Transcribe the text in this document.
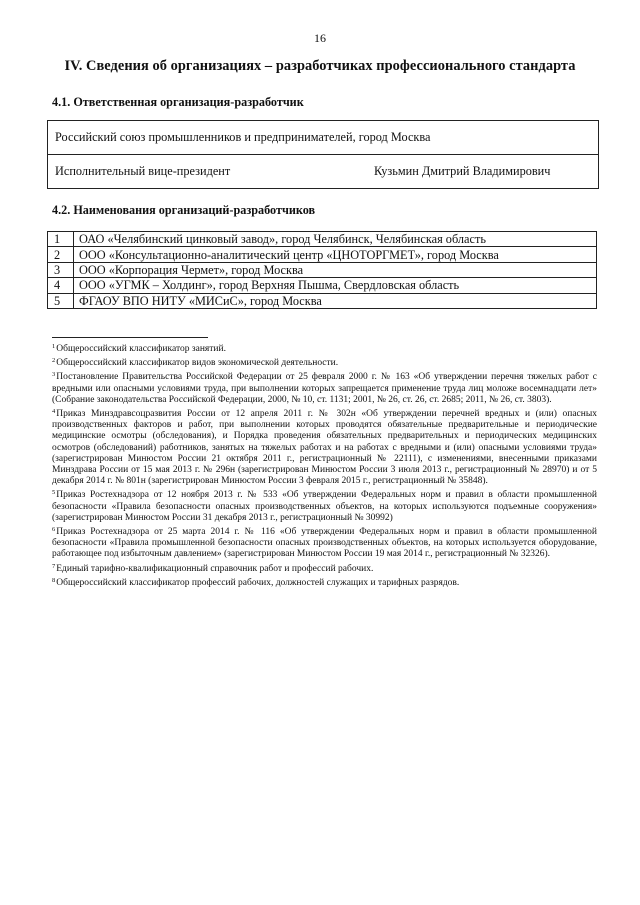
16
IV. Сведения об организациях – разработчиках профессионального стандарта
4.1. Ответственная организация-разработчик
Российский союз промышленников и предпринимателей, город Москва
Исполнительный вице-президент	Кузьмин Дмитрий Владимирович
4.2. Наименования организаций-разработчиков
1	ОАО «Челябинский цинковый завод», город Челябинск, Челябинская область
2	ООО «Консультационно-аналитический центр «ЦНОТОРГМЕТ», город Москва
3	ООО «Корпорация Чермет», город Москва
4	ООО «УГМК – Холдинг», город Верхняя Пышма, Свердловская область
5	ФГАОУ ВПО НИТУ «МИСиС», город Москва

$^1$Общероссийский классификатор занятий.

$^2$Общероссийский классификатор видов экономической деятельности.

$^3$Постановление Правительства Российской Федерации от 25 февраля 2000 г. № 163 «Об утверждении перечня тяжелых работ с вредными или опасными условиями труда, при выполнении которых запрещается применение труда лиц моложе восемнадцати лет» (Собрание законодательства Российской Федерации, 2000, № 10, ст. 1131; 2001, № 26, ст. 26, ст. 2685; 2011, № 26, ст. 3803).

$^4$Приказ Минздравсоцразвития России от 12 апреля 2011 г. № 302н «Об утверждении перечней вредных и (или) опасных производственных факторов и работ, при выполнении которых проводятся обязательные предварительные и периодические медицинские осмотры (обследования), и Порядка проведения обязательных предварительных и периодических медицинских осмотров (обследований) работников, занятых на тяжелых работах и на работах с вредными и (или) опасными условиями труда» (зарегистрирован Минюстом России 21 октября 2011 г., регистрационный № 22111), с изменениями, внесенными приказами Минздрава России от 15 мая 2013 г. № 296н (зарегистрирован Минюстом России 3 июля 2013 г., регистрационный № 28970) и от 5 декабря 2014 г. № 801н (зарегистрирован Минюстом России 3 февраля 2015 г., регистрационный № 35848).

$^5$Приказ Ростехнадзора от 12 ноября 2013 г. № 533 «Об утверждении Федеральных норм и правил в области промышленной безопасности «Правила безопасности опасных производственных объектов, на которых используются подъемные сооружения» (зарегистрирован Минюстом России 31 декабря 2013 г., регистрационный № 30992)

$^6$Приказ Ростехнадзора от 25 марта 2014 г. № 116 «Об утверждении Федеральных норм и правил в области промышленной безопасности «Правила промышленной безопасности опасных производственных объектов, на которых используется оборудование, работающее под избыточным давлением» (зарегистрирован Минюстом России 19 мая 2014 г., регистрационный № 32326).

$^7$Единый тарифно-квалификационный справочник работ и профессий рабочих.

$^8$Общероссийский классификатор профессий рабочих, должностей служащих и тарифных разрядов.
